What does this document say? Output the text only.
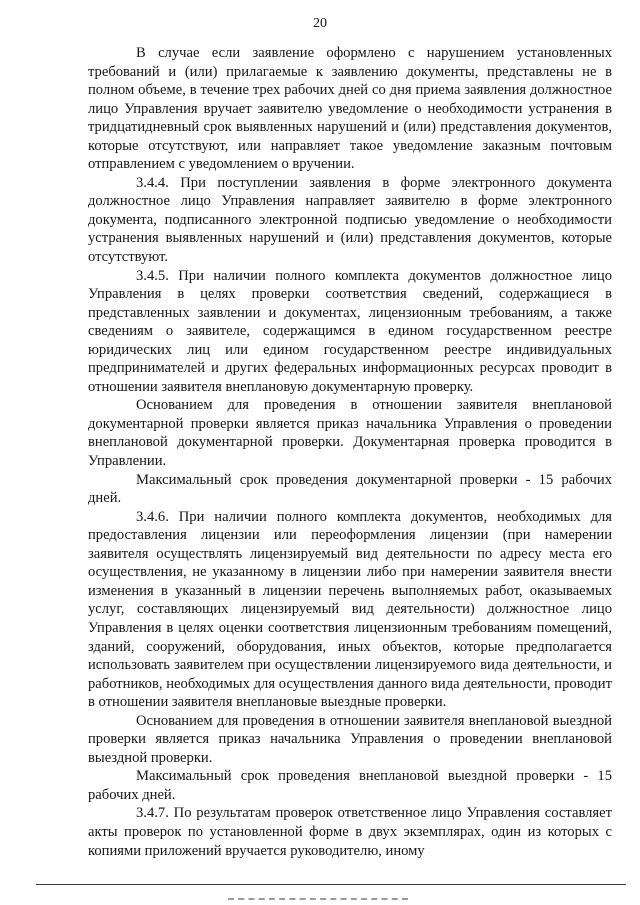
20

В случае если заявление оформлено с нарушением установленных требований и (или) прилагаемые к заявлению документы, представлены не в полном объеме, в течение трех рабочих дней со дня приема заявления должностное лицо Управления вручает заявителю уведомление о необходимости устранения в тридцатидневный срок выявленных нарушений и (или) представления документов, которые отсутствуют, или направляет такое уведомление заказным почтовым отправлением с уведомлением о вручении.

3.4.4. При поступлении заявления в форме электронного документа должностное лицо Управления направляет заявителю в форме электронного документа, подписанного электронной подписью уведомление о необходимости устранения выявленных нарушений и (или) представления документов, которые отсутствуют.

3.4.5. При наличии полного комплекта документов должностное лицо Управления в целях проверки соответствия сведений, содержащиеся в представленных заявлении и документах, лицензионным требованиям, а также сведениям о заявителе, содержащимся в едином государственном реестре юридических лиц или едином государственном реестре индивидуальных предпринимателей и других федеральных информационных ресурсах проводит в отношении заявителя внеплановую документарную проверку.

Основанием для проведения в отношении заявителя внеплановой документарной проверки является приказ начальника Управления о проведении внеплановой документарной проверки. Документарная проверка проводится в Управлении.

Максимальный срок проведения документарной проверки - 15 рабочих дней.

3.4.6. При наличии полного комплекта документов, необходимых для предоставления лицензии или переоформления лицензии (при намерении заявителя осуществлять лицензируемый вид деятельности по адресу места его осуществления, не указанному в лицензии либо при намерении заявителя внести изменения в указанный в лицензии перечень выполняемых работ, оказываемых услуг, составляющих лицензируемый вид деятельности) должностное лицо Управления в целях оценки соответствия лицензионным требованиям помещений, зданий, сооружений, оборудования, иных объектов, которые предполагается использовать заявителем при осуществлении лицензируемого вида деятельности, и работников, необходимых для осуществления данного вида деятельности, проводит в отношении заявителя внеплановые выездные проверки.

Основанием для проведения в отношении заявителя внеплановой выездной проверки является приказ начальника Управления о проведении внеплановой выездной проверки.

Максимальный срок проведения внеплановой выездной проверки - 15 рабочих дней.

3.4.7. По результатам проверок ответственное лицо Управления составляет акты проверок по установленной форме в двух экземплярах, один из которых с копиями приложений вручается руководителю, иному
